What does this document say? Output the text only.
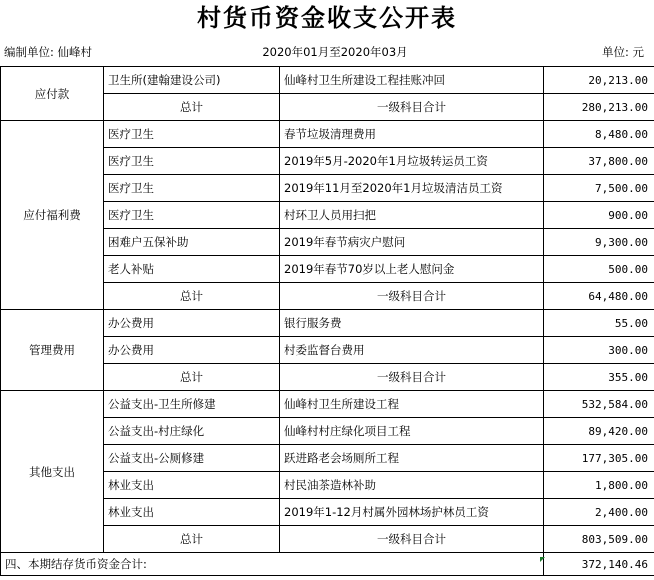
村货币资金收支公开表
编制单位: 仙峰村	2020年01月至2020年03月	单位: 元
应付款	卫生所(建翰建设公司)	仙峰村卫生所建设工程挂账冲回	20,213.00
	总计	一级科目合计	280,213.00
应付福利费	医疗卫生	春节垃圾清理费用	8,480.00
	医疗卫生	2019年5月-2020年1月垃圾转运员工资	37,800.00
	医疗卫生	2019年11月至2020年1月垃圾清洁员工资	7,500.00
	医疗卫生	村环卫人员用扫把	900.00
	困难户五保补助	2019年春节病灾户慰问	9,300.00
	老人补贴	2019年春节70岁以上老人慰问金	500.00
	总计	一级科目合计	64,480.00
管理费用	办公费用	银行服务费	55.00
	办公费用	村委监督台费用	300.00
	总计	一级科目合计	355.00
其他支出	公益支出-卫生所修建	仙峰村卫生所建设工程	532,584.00
	公益支出-村庄绿化	仙峰村村庄绿化项目工程	89,420.00
	公益支出-公厕修建	跃进路老会场厕所工程	177,305.00
	林业支出	村民油茶造林补助	1,800.00
	林业支出	2019年1-12月村属外园林场护林员工资	2,400.00
	总计	一级科目合计	803,509.00
四、本期结存货币资金合计:			372,140.46
